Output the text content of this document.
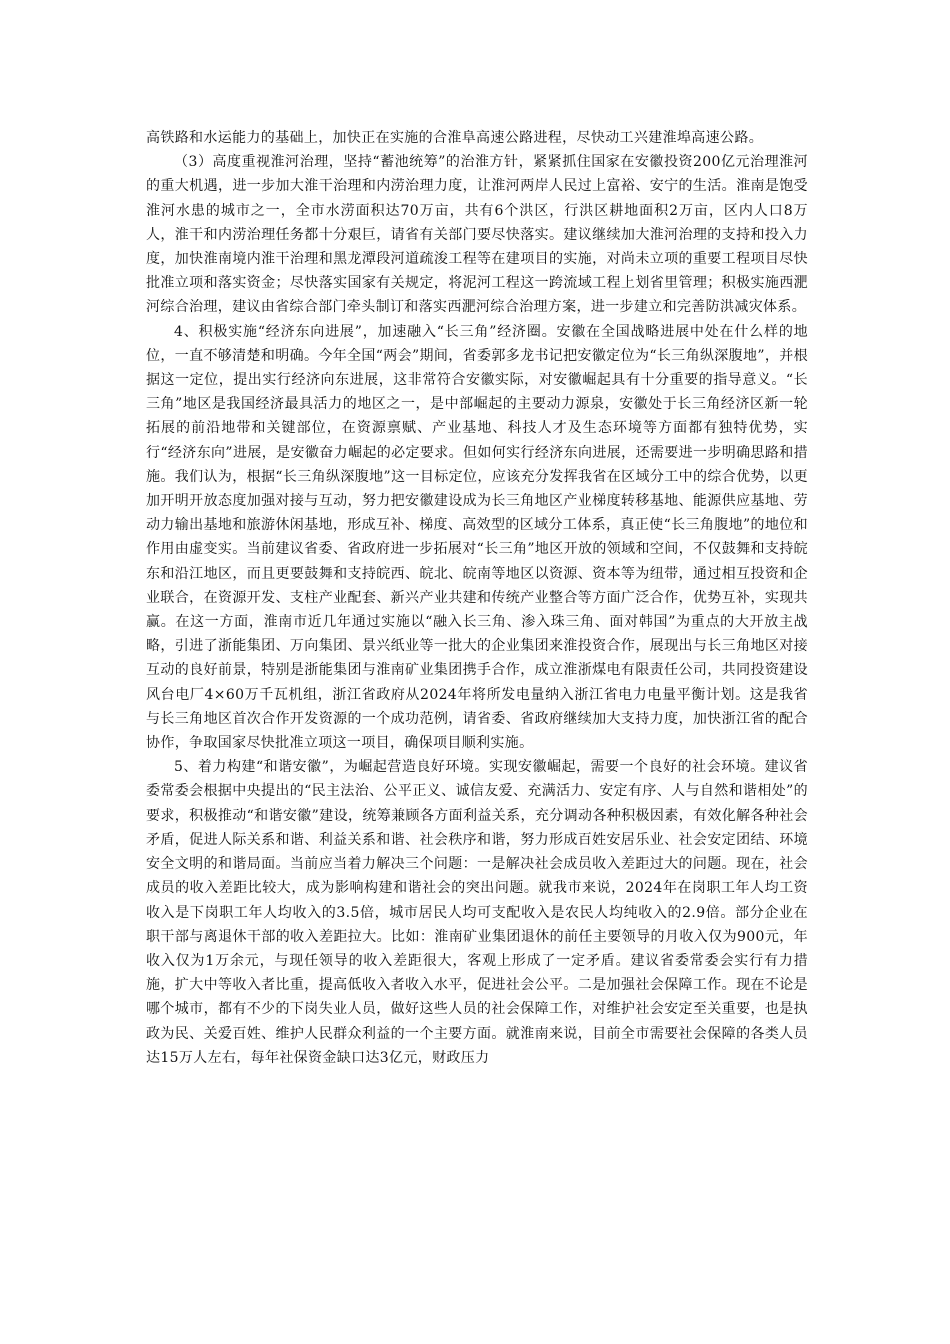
高铁路和水运能力的基础上，加快正在实施的合淮阜高速公路进程，尽快动工兴建淮埠高速公路。

（3）高度重视淮河治理，坚持“蓄池统筹”的治淮方针，紧紧抓住国家在安徽投资200亿元治理淮河的重大机遇，进一步加大淮干治理和内涝治理力度，让淮河两岸人民过上富裕、安宁的生活。淮南是饱受淮河水患的城市之一，全市水涝面积达70万亩，共有6个洪区，行洪区耕地面积2万亩，区内人口8万人，淮干和内涝治理任务都十分艰巨，请省有关部门要尽快落实。建议继续加大淮河治理的支持和投入力度，加快淮南境内淮干治理和黑龙潭段河道疏浚工程等在建项目的实施，对尚未立项的重要工程项目尽快批准立项和落实资金；尽快落实国家有关规定，将泥河工程这一跨流域工程上划省里管理；积极实施西淝河综合治理，建议由省综合部门牵头制订和落实西淝河综合治理方案，进一步建立和完善防洪减灾体系。

4、积极实施“经济东向进展”，加速融入“长三角”经济圈。安徽在全国战略进展中处在什么样的地位，一直不够清楚和明确。今年全国“两会”期间，省委郭多龙书记把安徽定位为“长三角纵深腹地”，并根据这一定位，提出实行经济向东进展，这非常符合安徽实际，对安徽崛起具有十分重要的指导意义。“长三角”地区是我国经济最具活力的地区之一，是中部崛起的主要动力源泉，安徽处于长三角经济区新一轮拓展的前沿地带和关键部位，在资源禀赋、产业基地、科技人才及生态环境等方面都有独特优势，实行“经济东向”进展，是安徽奋力崛起的必定要求。但如何实行经济东向进展，还需要进一步明确思路和措施。我们认为，根据“长三角纵深腹地”这一目标定位，应该充分发挥我省在区域分工中的综合优势，以更加开明开放态度加强对接与互动，努力把安徽建设成为长三角地区产业梯度转移基地、能源供应基地、劳动力输出基地和旅游休闲基地，形成互补、梯度、高效型的区域分工体系，真正使“长三角腹地”的地位和作用由虚变实。当前建议省委、省政府进一步拓展对“长三角”地区开放的领域和空间，不仅鼓舞和支持皖东和沿江地区，而且更要鼓舞和支持皖西、皖北、皖南等地区以资源、资本等为纽带，通过相互投资和企业联合，在资源开发、支柱产业配套、新兴产业共建和传统产业整合等方面广泛合作，优势互补，实现共赢。在这一方面，淮南市近几年通过实施以“融入长三角、渗入珠三角、面对韩国”为重点的大开放主战略，引进了浙能集团、万向集团、景兴纸业等一批大的企业集团来淮投资合作，展现出与长三角地区对接互动的良好前景，特别是浙能集团与淮南矿业集团携手合作，成立淮浙煤电有限责任公司，共同投资建设风台电厂4×60万千瓦机组，浙江省政府从2024年将所发电量纳入浙江省电力电量平衡计划。这是我省与长三角地区首次合作开发资源的一个成功范例，请省委、省政府继续加大支持力度，加快浙江省的配合协作，争取国家尽快批准立项这一项目，确保项目顺利实施。

5、着力构建“和谐安徽”，为崛起营造良好环境。实现安徽崛起，需要一个良好的社会环境。建议省委常委会根据中央提出的“民主法治、公平正义、诚信友爱、充满活力、安定有序、人与自然和谐相处”的要求，积极推动“和谐安徽”建设，统筹兼顾各方面利益关系，充分调动各种积极因素，有效化解各种社会矛盾，促进人际关系和谐、利益关系和谐、社会秩序和谐，努力形成百姓安居乐业、社会安定团结、环境安全文明的和谐局面。当前应当着力解决三个问题：一是解决社会成员收入差距过大的问题。现在，社会成员的收入差距比较大，成为影响构建和谐社会的突出问题。就我市来说，2024年在岗职工年人均工资收入是下岗职工年人均收入的3.5倍，城市居民人均可支配收入是农民人均纯收入的2.9倍。部分企业在职干部与离退休干部的收入差距拉大。比如：淮南矿业集团退休的前任主要领导的月收入仅为900元，年收入仅为1万余元，与现任领导的收入差距很大，客观上形成了一定矛盾。建议省委常委会实行有力措施，扩大中等收入者比重，提高低收入者收入水平，促进社会公平。二是加强社会保障工作。现在不论是哪个城市，都有不少的下岗失业人员，做好这些人员的社会保障工作，对维护社会安定至关重要，也是执政为民、关爱百姓、维护人民群众利益的一个主要方面。就淮南来说，目前全市需要社会保障的各类人员达15万人左右，每年社保资金缺口达3亿元，财政压力
